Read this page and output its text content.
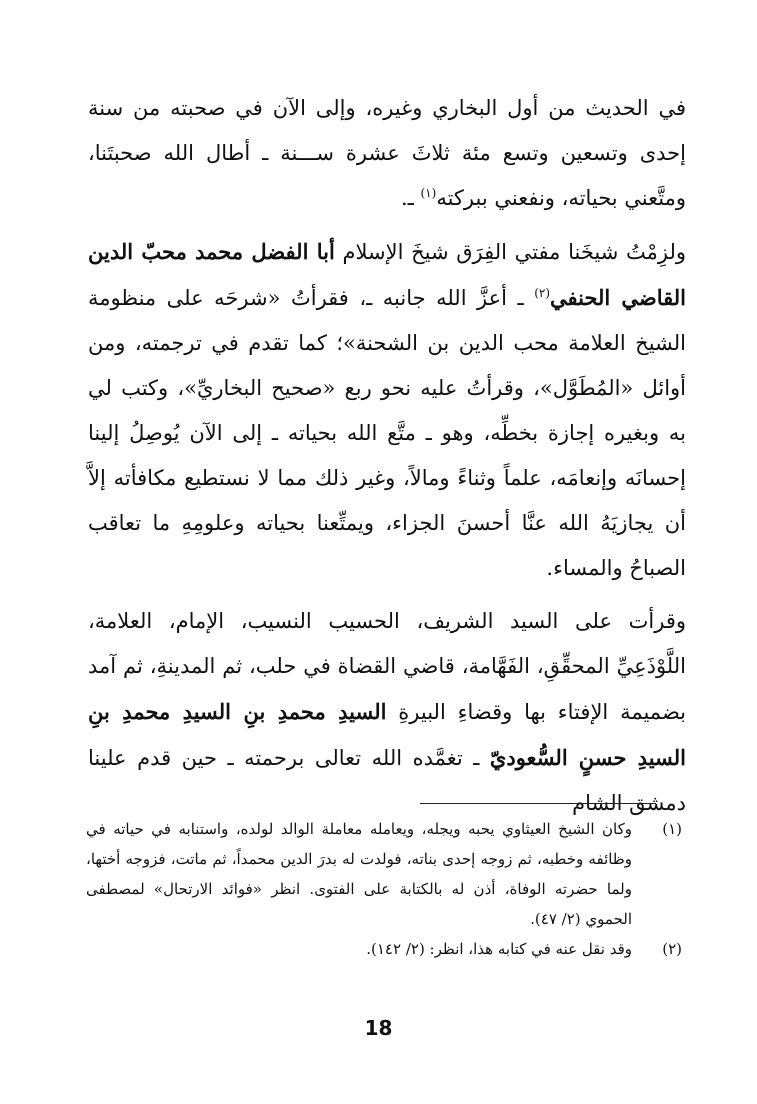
في الحديث من أول البخاري وغيره، وإلى الآن في صحبته من سنة إحدى وتسعين وتسع مئة ثلاثَ عشرة ســـنة ـ أطال الله صحبتَنا، ومتَّعني بحياته، ونفعني ببركته$^{(١)}$ ـ.

ولزِمْتُ شيخَنا مفتي الفِرَق شيخَ الإسلام أبا الفضل محمد محبّ الدين القاضي الحنفي$^{(٢)}$ ـ أعزَّ الله جانبه ـ، فقرأتُ «شرحَه على منظومة الشيخ العلامة محب الدين بن الشحنة»؛ كما تقدم في ترجمته، ومن أوائل «المُطَوَّل»، وقرأتُ عليه نحو ربع «صحيح البخاريِّ»، وكتب لي به وبغيره إجازة بخطِّه، وهو ـ متَّع الله بحياته ـ إلى الآن يُوصِلُ إلينا إحسانَه وإنعامَه، علماً وثناءً ومالاً، وغير ذلك مما لا نستطيع مكافأته إلاَّ أن يجازيَهُ الله عنَّا أحسنَ الجزاء، ويمتِّعنا بحياته وعلومِهِ ما تعاقب الصباحُ والمساء.

وقرأت على السيد الشريف، الحسيب النسيب، الإمام، العلامة، اللَّوْذَعِيِّ المحقِّقِ، الفَهَّامة، قاضي القضاة في حلب، ثم المدينةِ، ثم آمد بضميمة الإفتاء بها وقضاءِ البيرةِ السيدِ محمدِ بنِ السيدِ محمدِ بنِ السيدِ حسنٍ السُّعوديّ ـ تغمَّده الله تعالى برحمته ـ حين قدم علينا دمشق الشام

(١)
وكان الشيخ العيثاوي يحبه ويجله، ويعامله معاملة الوالد لولده، واستنابه في حياته في وظائفه وخطبه، ثم زوجه إحدى بناته، فولدت له بدرَ الدين محمداً، ثم ماتت، فزوجه أختها، ولما حضرته الوفاة، أذن له بالكتابة على الفتوى. انظر «فوائد الارتحال» لمصطفى الحموي (٢/ ٤٧).

(٢)
وقد نقل عنه في كتابه هذا، انظر: (٢/ ١٤٢).

18
